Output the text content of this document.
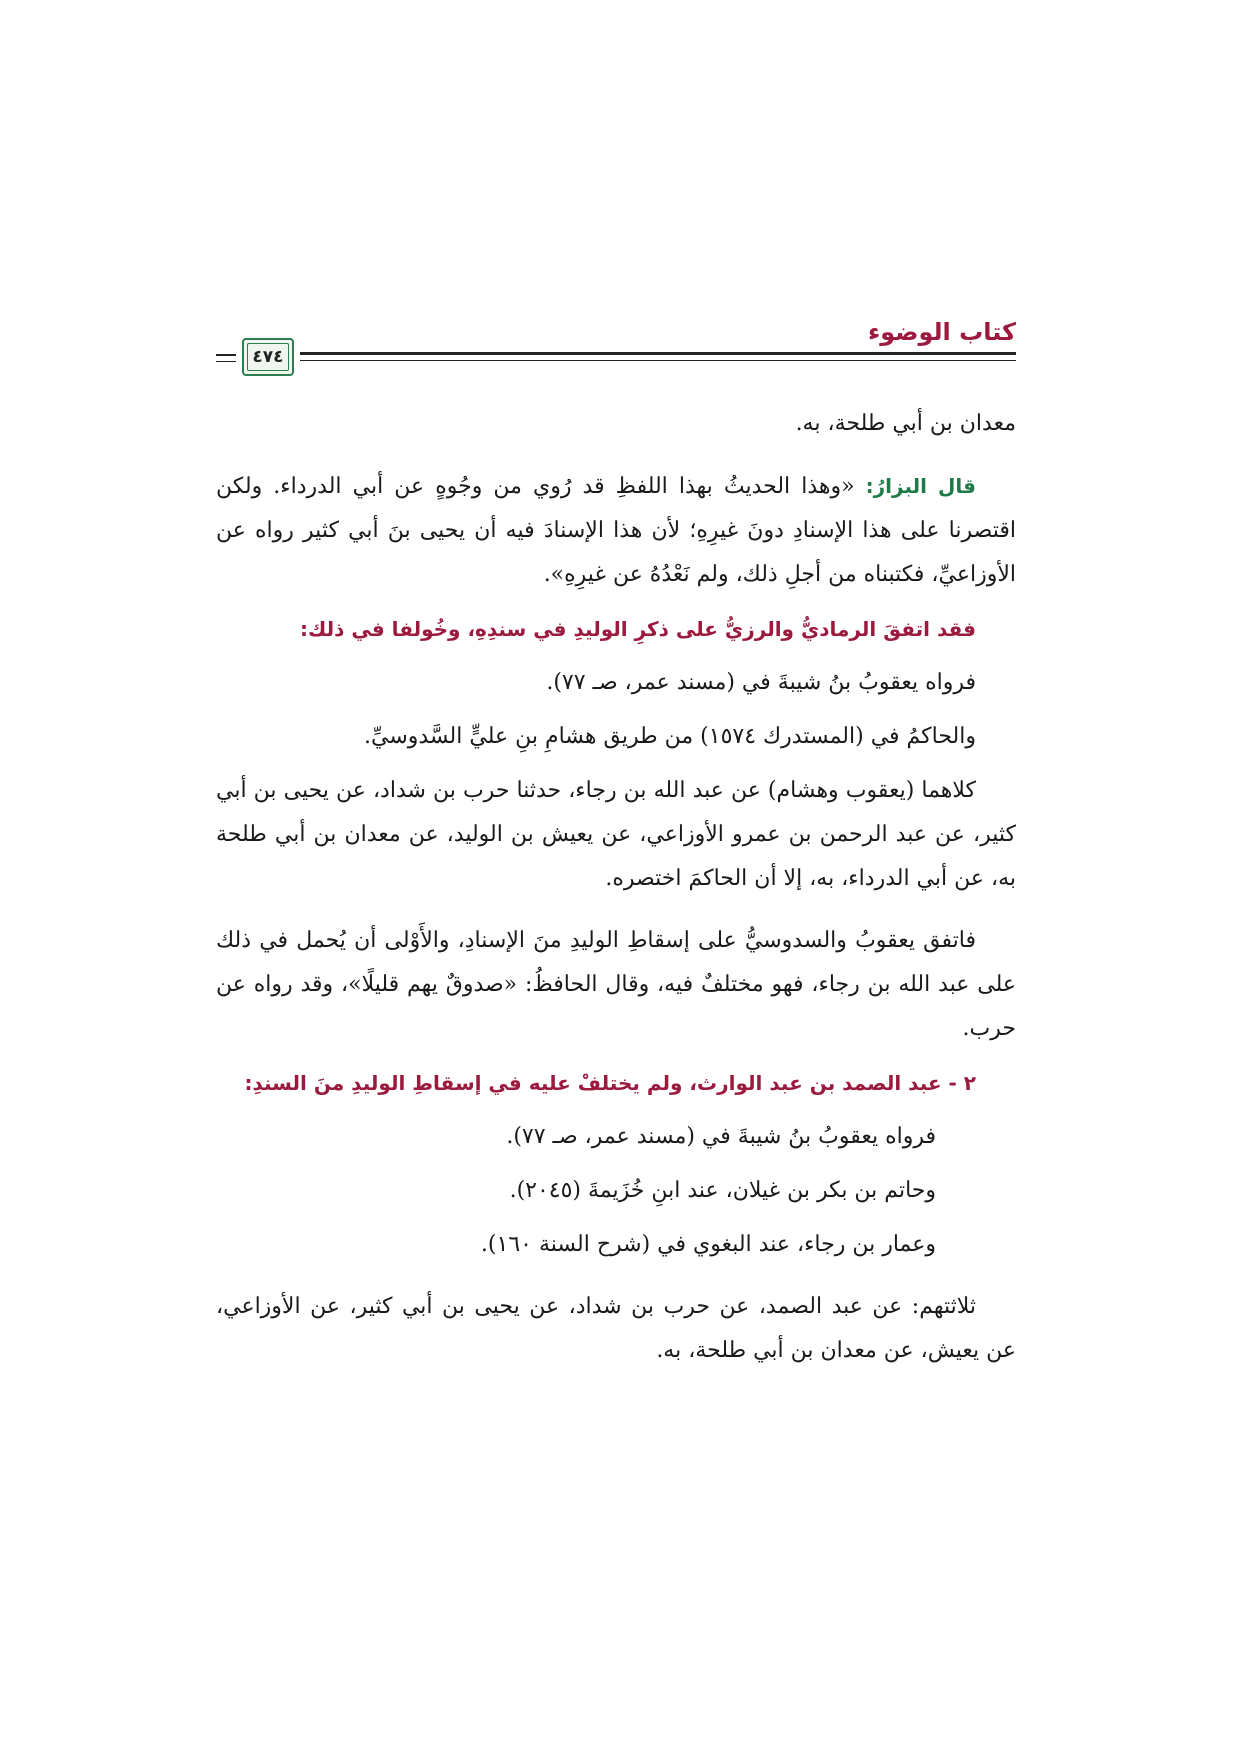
كتاب الوضوء
٤٧٤

معدان بن أبي طلحة، به.

قال البزارُ: «وهذا الحديثُ بهذا اللفظِ قد رُوي من وجُوهٍ عن أبي الدرداء. ولكن اقتصرنا على هذا الإسنادِ دونَ غيرِهِ؛ لأن هذا الإسنادَ فيه أن يحيى بنَ أبي كثير رواه عن الأوزاعيِّ، فكتبناه من أجلِ ذلك، ولم نَعْدُهُ عن غيرِهِ».

فقد اتفقَ الرماديُّ والرزيُّ على ذكرِ الوليدِ في سندِهِ، وخُولفا في ذلك:

فرواه يعقوبُ بنُ شيبةَ في (مسند عمر، صـ ٧٧).

والحاكمُ في (المستدرك ١٥٧٤) من طريق هشامِ بنِ عليٍّ السَّدوسيِّ.

كلاهما (يعقوب وهشام) عن عبد الله بن رجاء، حدثنا حرب بن شداد، عن يحيى بن أبي كثير، عن عبد الرحمن بن عمرو الأوزاعي، عن يعيش بن الوليد، عن معدان بن أبي طلحة به، عن أبي الدرداء، به، إلا أن الحاكمَ اختصره.

فاتفق يعقوبُ والسدوسيُّ على إسقاطِ الوليدِ منَ الإسنادِ، والأَوْلى أن يُحمل في ذلك على عبد الله بن رجاء، فهو مختلفٌ فيه، وقال الحافظُ: «صدوقٌ يهم قليلًا»، وقد رواه عن حرب.

٢ - عبد الصمد بن عبد الوارث، ولم يختلفْ عليه في إسقاطِ الوليدِ منَ السندِ:

فرواه يعقوبُ بنُ شيبةَ في (مسند عمر، صـ ٧٧).

وحاتم بن بكر بن غيلان، عند ابنِ خُزَيمةَ (٢٠٤٥).

وعمار بن رجاء، عند البغوي في (شرح السنة ١٦٠).

ثلاثتهم: عن عبد الصمد، عن حرب بن شداد، عن يحيى بن أبي كثير، عن الأوزاعي، عن يعيش، عن معدان بن أبي طلحة، به.
